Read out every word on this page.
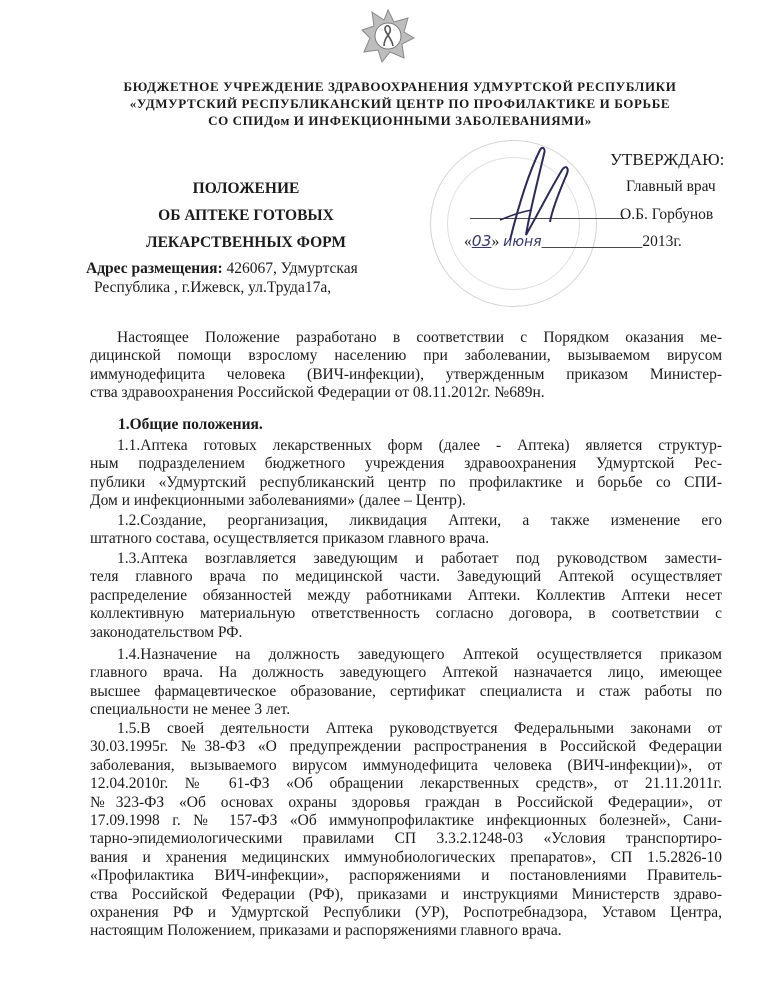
БЮДЖЕТНОЕ УЧРЕЖДЕНИЕ ЗДРАВООХРАНЕНИЯ УДМУРТСКОЙ РЕСПУБЛИКИ
«УДМУРТСКИЙ РЕСПУБЛИКАНСКИЙ ЦЕНТР ПО ПРОФИЛАКТИКЕ И БОРЬБЕ
СО СПИДом И ИНФЕКЦИОННЫМИ ЗАБОЛЕВАНИЯМИ»
УТВЕРЖДАЮ:
Главный врач
____________________
О.Б. Горбунов
«03» июня_____________2013г.
ПОЛОЖЕНИЕ
ОБ АПТЕКЕ ГОТОВЫХ
ЛЕКАРСТВЕННЫХ ФОРМ
Адрес размещения: 426067, Удмуртская
Республика , г.Ижевск, ул.Труда17а,
Настоящее Положение разработано в соответствии с Порядком оказания ме-
дицинской помощи взрослому населению при заболевании, вызываемом вирусом
иммунодефицита человека (ВИЧ-инфекции), утвержденным приказом Министер-
ства здравоохранения Российской Федерации от 08.11.2012г. №689н.
1.Общие положения.
1.1.Аптека готовых лекарственных форм (далее - Аптека) является структур-
ным подразделением бюджетного учреждения здравоохранения Удмуртской Рес-
публики «Удмуртский республиканский центр по профилактике и борьбе со СПИ-
Дом и инфекционными заболеваниями» (далее – Центр).
1.2.Создание, реорганизация, ликвидация Аптеки, а также изменение его
штатного состава, осуществляется приказом главного врача.
1.3.Аптека возглавляется заведующим и работает под руководством замести-
теля главного врача по медицинской части. Заведующий Аптекой осуществляет
распределение обязанностей между работниками Аптеки. Коллектив Аптеки несет
коллективную материальную ответственность согласно договора, в соответствии с
законодательством РФ.
1.4.Назначение на должность заведующего Аптекой осуществляется приказом
главного врача. На должность заведующего Аптекой назначается лицо, имеющее
высшее фармацевтическое образование, сертификат специалиста и стаж работы по
специальности не менее 3 лет.
1.5.В своей деятельности Аптека руководствуется Федеральными законами от
30.03.1995г. №38-ФЗ «О предупреждении распространения в Российской Федерации
заболевания, вызываемого вирусом иммунодефицита человека (ВИЧ-инфекции)», от
12.04.2010г. № 61-ФЗ «Об обращении лекарственных средств», от 21.11.2011г.
№323-ФЗ «Об основах охраны здоровья граждан в Российской Федерации», от
17.09.1998 г. № 157-ФЗ «Об иммунопрофилактике инфекционных болезней», Сани-
тарно-эпидемиологическими правилами СП 3.3.2.1248-03 «Условия транспортиро-
вания и хранения медицинских иммунобиологических препаратов», СП 1.5.2826-10
«Профилактика ВИЧ-инфекции», распоряжениями и постановлениями Правитель-
ства Российской Федерации (РФ), приказами и инструкциями Министерств здраво-
охранения РФ и Удмуртской Республики (УР), Роспотребнадзора, Уставом Центра,
настоящим Положением, приказами и распоряжениями главного врача.
